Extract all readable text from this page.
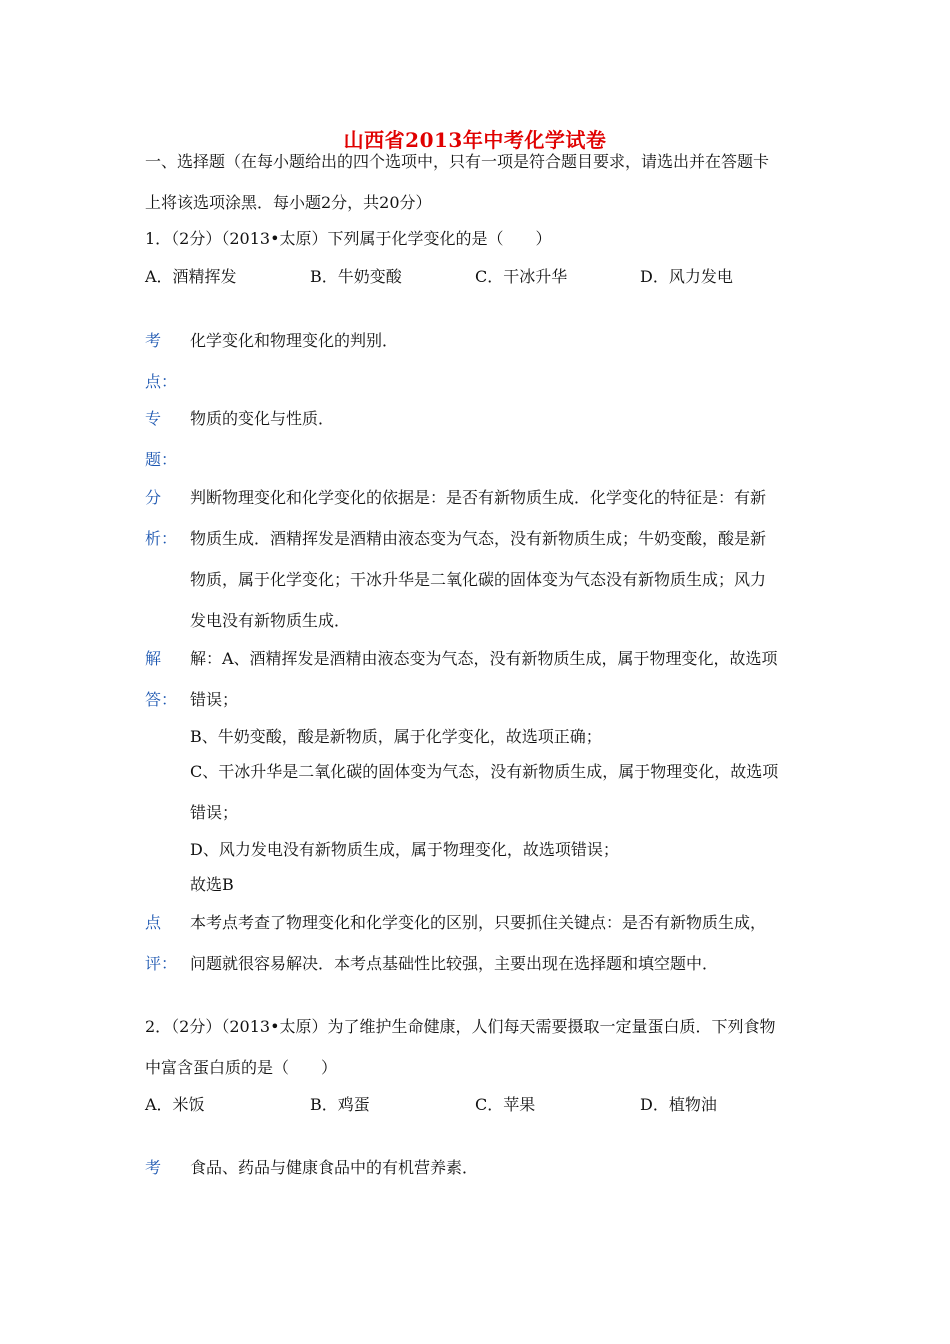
山西省2013年中考化学试卷
一、选择题（在每小题给出的四个选项中，只有一项是符合题目要求，请选出并在答题卡
上将该选项涂黑．每小题2分，共20分）
1．（2分）（2013•太原）下列属于化学变化的是（　　）
A．酒精挥发	B．牛奶变酸	C．干冰升华	D．风力发电
考 化学变化和物理变化的判别．
点：
专 物质的变化与性质．
题：
分 判断物理变化和化学变化的依据是：是否有新物质生成．化学变化的特征是：有新
析： 物质生成．酒精挥发是酒精由液态变为气态，没有新物质生成；牛奶变酸，酸是新
物质，属于化学变化；干冰升华是二氧化碳的固体变为气态没有新物质生成；风力
发电没有新物质生成．
解 解：A、酒精挥发是酒精由液态变为气态，没有新物质生成，属于物理变化，故选项
答： 错误；
B、牛奶变酸，酸是新物质，属于化学变化，故选项正确；
C、干冰升华是二氧化碳的固体变为气态，没有新物质生成，属于物理变化，故选项
错误；
D、风力发电没有新物质生成，属于物理变化，故选项错误；
故选B
点 本考点考查了物理变化和化学变化的区别，只要抓住关键点：是否有新物质生成，
评： 问题就很容易解决．本考点基础性比较强，主要出现在选择题和填空题中．
2．（2分）（2013•太原）为了维护生命健康，人们每天需要摄取一定量蛋白质．下列食物
中富含蛋白质的是（　　）
A．米饭	B．鸡蛋	C．苹果	D．植物油
考 食品、药品与健康食品中的有机营养素．
